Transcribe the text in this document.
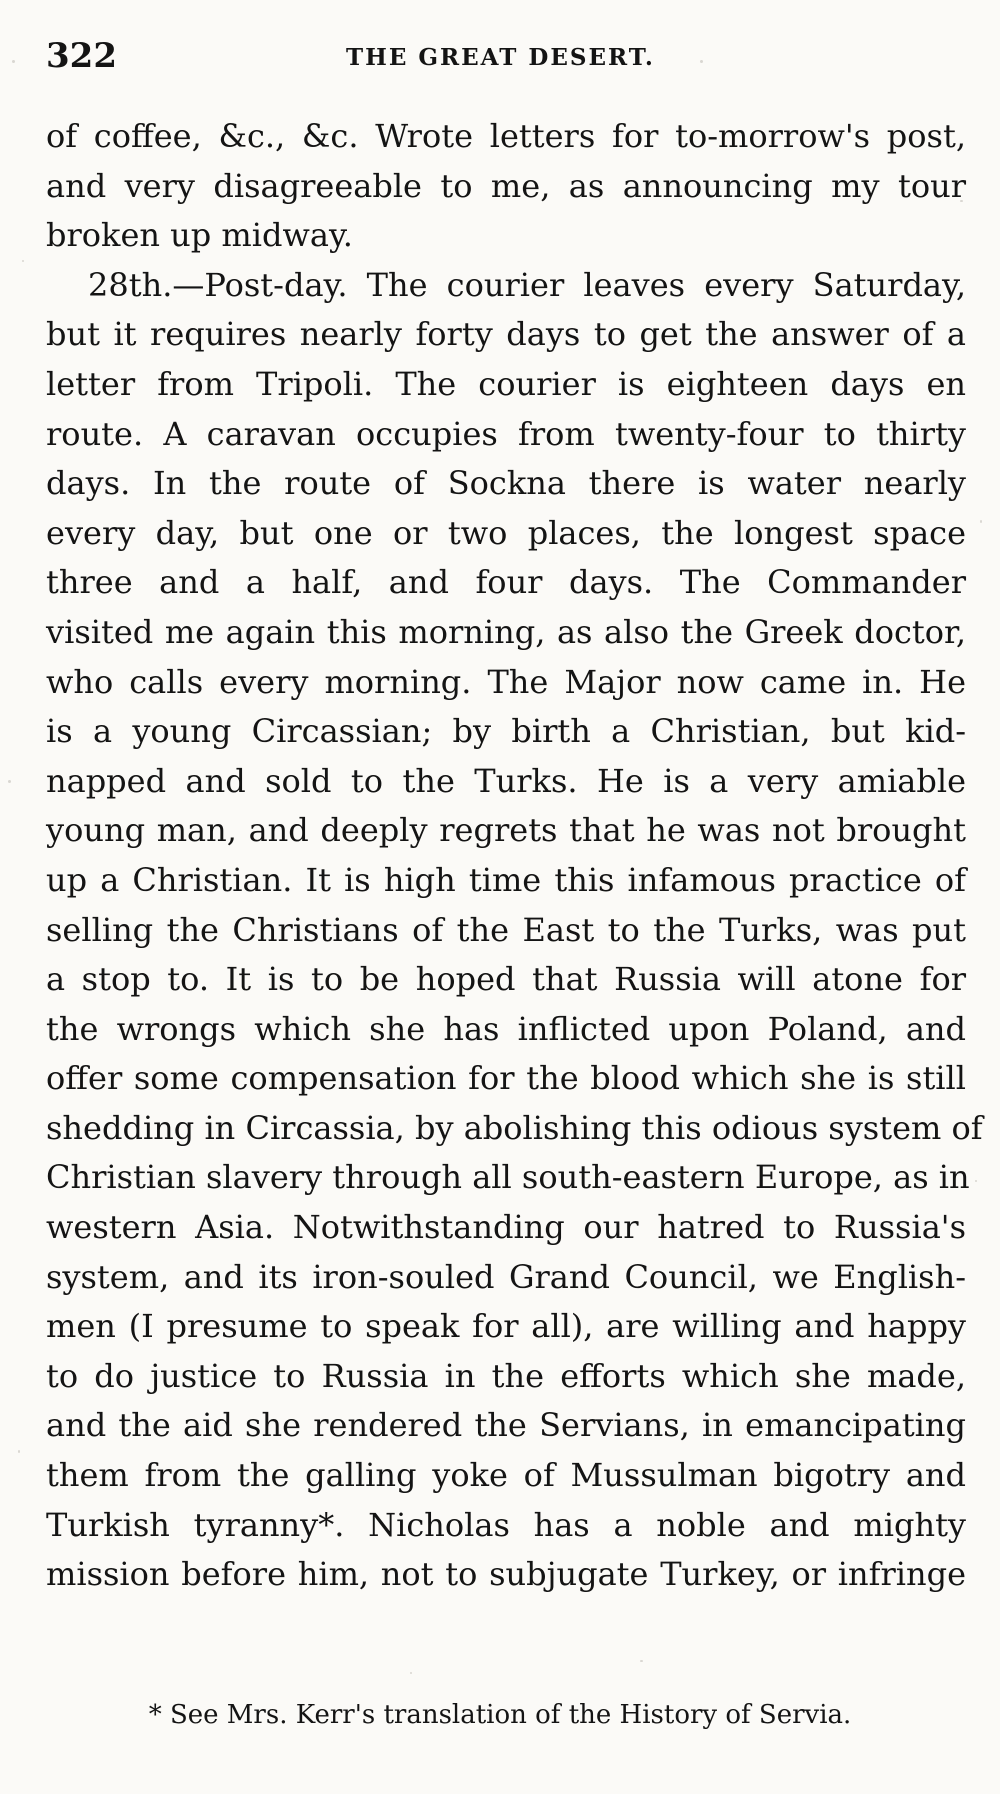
322	THE GREAT DESERT.
of coffee, &c., &c. Wrote letters for to-morrow's post,
and very disagreeable to me, as announcing my tour
broken up midway.
28th.—Post-day. The courier leaves every Saturday,
but it requires nearly forty days to get the answer of a
letter from Tripoli. The courier is eighteen days en
route. A caravan occupies from twenty-four to thirty
days. In the route of Sockna there is water nearly
every day, but one or two places, the longest space
three and a half, and four days. The Commander
visited me again this morning, as also the Greek doctor,
who calls every morning. The Major now came in. He
is a young Circassian; by birth a Christian, but kid-
napped and sold to the Turks. He is a very amiable
young man, and deeply regrets that he was not brought
up a Christian. It is high time this infamous practice of
selling the Christians of the East to the Turks, was put
a stop to. It is to be hoped that Russia will atone for
the wrongs which she has inflicted upon Poland, and
offer some compensation for the blood which she is still
shedding in Circassia, by abolishing this odious system of
Christian slavery through all south-eastern Europe, as in
western Asia. Notwithstanding our hatred to Russia's
system, and its iron-souled Grand Council, we English-
men (I presume to speak for all), are willing and happy
to do justice to Russia in the efforts which she made,
and the aid she rendered the Servians, in emancipating
them from the galling yoke of Mussulman bigotry and
Turkish tyranny*. Nicholas has a noble and mighty
mission before him, not to subjugate Turkey, or infringe
* See Mrs. Kerr's translation of the History of Servia.
